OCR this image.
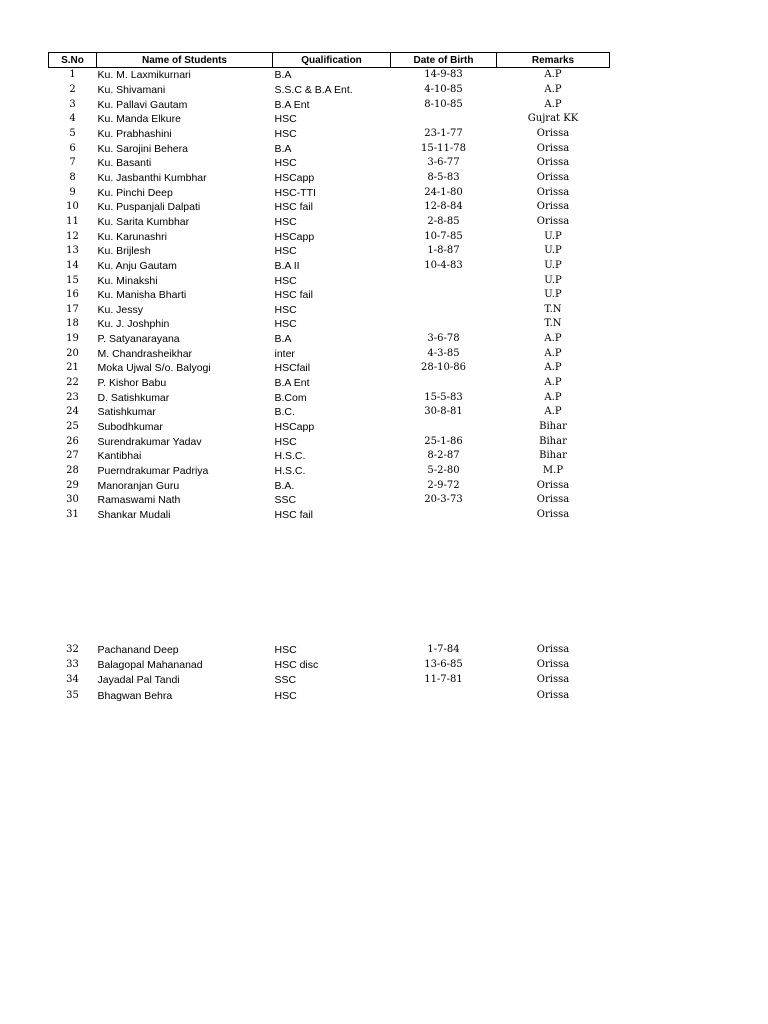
S.No	Name of Students	Qualification	Date of Birth	Remarks
1	Ku. M. Laxmikurnari	B.A	14-9-83	A.P
2	Ku. Shivamani	S.S.C & B.A Ent.	4-10-85	A.P
3	Ku. Pallavi Gautam	B.A Ent	8-10-85	A.P
4	Ku. Manda Elkure	HSC		Gujrat KK
5	Ku. Prabhashini	HSC	23-1-77	Orissa
6	Ku. Sarojini Behera	B.A	15-11-78	Orissa
7	Ku. Basanti	HSC	3-6-77	Orissa
8	Ku. Jasbanthi Kumbhar	HSCapp	8-5-83	Orissa
9	Ku. Pinchi Deep	HSC-TTI	24-1-80	Orissa
10	Ku. Puspanjali Dalpati	HSC fail	12-8-84	Orissa
11	Ku. Sarita Kumbhar	HSC	2-8-85	Orissa
12	Ku. Karunashri	HSCapp	10-7-85	U.P
13	Ku. Brijlesh	HSC	1-8-87	U.P
14	Ku. Anju Gautam	B.A II	10-4-83	U.P
15	Ku. Minakshi	HSC		U.P
16	Ku. Manisha Bharti	HSC fail		U.P
17	Ku. Jessy	HSC		T.N
18	Ku. J. Joshphin	HSC		T.N
19	P. Satyanarayana	B.A	3-6-78	A.P
20	M. Chandrasheikhar	inter	4-3-85	A.P
21	Moka Ujwal S/o. Balyogi	HSCfail	28-10-86	A.P
22	P. Kishor Babu	B.A Ent		A.P
23	D. Satishkumar	B.Com	15-5-83	A.P
24	Satishkumar	B.C.	30-8-81	A.P
25	Subodhkumar	HSCapp		Bihar
26	Surendrakumar Yadav	HSC	25-1-86	Bihar
27	Kantibhai	H.S.C.	8-2-87	Bihar
28	Puerndrakumar Padriya	H.S.C.	5-2-80	M.P
29	Manoranjan Guru	B.A.	2-9-72	Orissa
30	Ramaswami Nath	SSC	20-3-73	Orissa
31	Shankar Mudali	HSC fail		Orissa

32	Pachanand Deep	HSC	1-7-84	Orissa
33	Balagopal Mahananad	HSC disc	13-6-85	Orissa
34	Jayadal Pal Tandi	SSC	11-7-81	Orissa
35	Bhagwan Behra	HSC		Orissa
